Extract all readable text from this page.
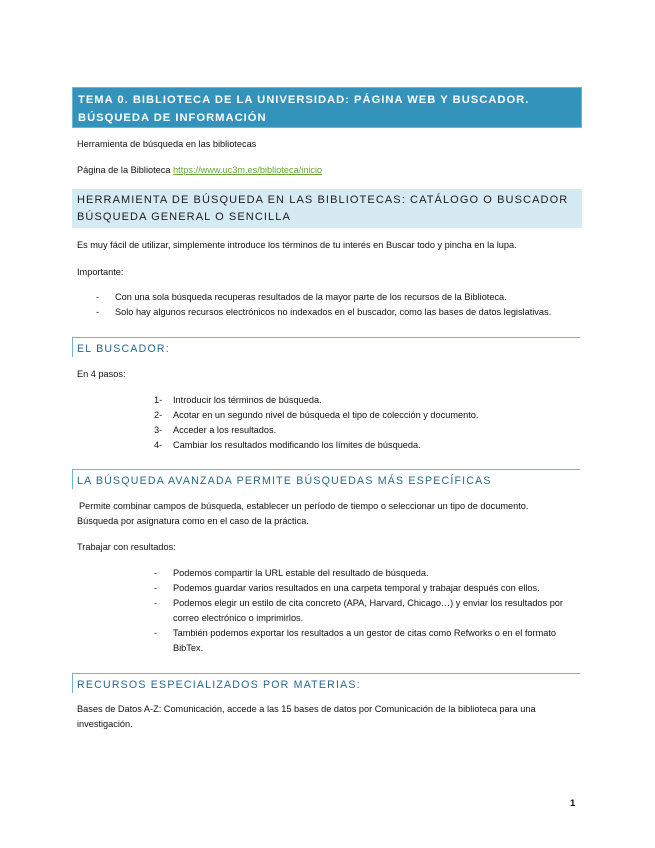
TEMA 0. BIBLIOTECA DE LA UNIVERSIDAD: PÁGINA WEB Y BUSCADOR. BÚSQUEDA DE INFORMACIÓN
Herramienta de búsqueda en las bibliotecas
Página de la Biblioteca https://www.uc3m.es/biblioteca/inicio
HERRAMIENTA DE BÚSQUEDA EN LAS BIBLIOTECAS: CATÁLOGO O BUSCADOR BÚSQUEDA GENERAL O SENCILLA
Es muy fácil de utilizar, simplemente introduce los términos de tu interés en Buscar todo y pincha en la lupa.
Importante:
- Con una sola búsqueda recuperas resultados de la mayor parte de los recursos de la Biblioteca.
- Solo hay algunos recursos electrónicos no indexados en el buscador, como las bases de datos legislativas.
EL BUSCADOR:
En 4 pasos:
1- Introducir los términos de búsqueda.
2- Acotar en un segundo nivel de búsqueda el tipo de colección y documento.
3- Acceder a los resultados.
4- Cambiar los resultados modificando los límites de búsqueda.
LA BÚSQUEDA AVANZADA PERMITE BÚSQUEDAS MÁS ESPECÍFICAS
Permite combinar campos de búsqueda, establecer un período de tiempo o seleccionar un tipo de documento.
Búsqueda por asignatura como en el caso de la práctica.
Trabajar con resultados:
- Podemos compartir la URL estable del resultado de búsqueda.
- Podemos guardar varios resultados en una carpeta temporal y trabajar después con ellos.
- Podemos elegir un estilo de cita concreto (APA, Harvard, Chicago…) y enviar los resultados por correo electrónico o imprimirlos.
- También podemos exportar los resultados a un gestor de citas como Refworks o en el formato BibTex.
RECURSOS ESPECIALIZADOS POR MATERIAS:
Bases de Datos A-Z: Comunicación, accede a las 15 bases de datos por Comunicación de la biblioteca para una investigación.
1
